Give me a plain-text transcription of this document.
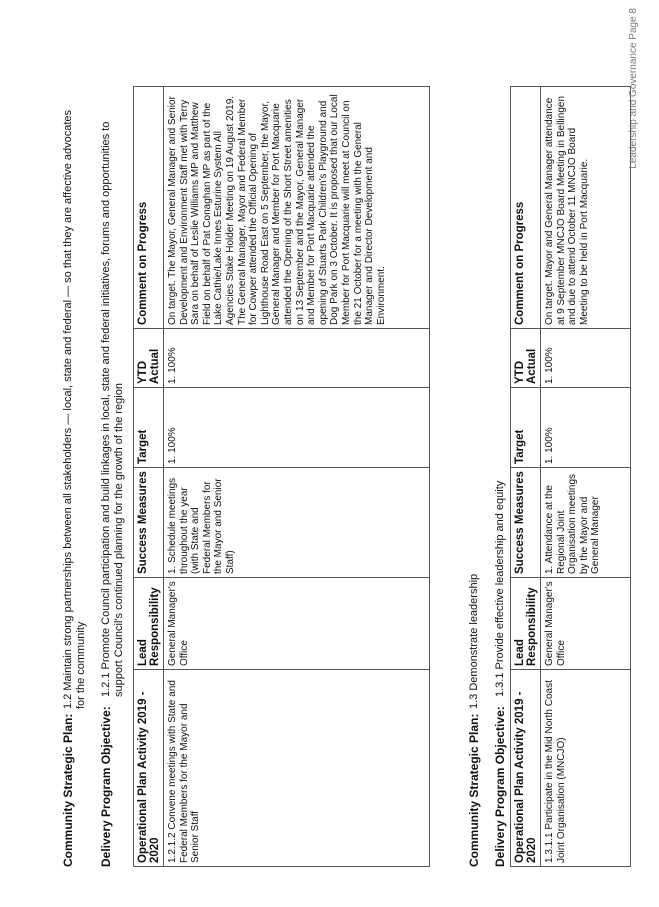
Community Strategic Plan:
1.2 Maintain strong partnerships between all stakeholders — local, state and federal — so that they are affective advocates for the community
Delivery Program Objective:
1.2.1 Promote Council participation and build linkages in local, state and federal initiatives, forums and opportunities to support Council's continued planning for the growth of the region
Operational Plan Activity 2019 - 2020	Lead Responsibility	Success Measures	Target	YTD Actual	Comment on Progress
1.2.1.2 Convene meetings with State and Federal Members for the Mayor and Senior Staff	General Manager's Office	1. Schedule meetings throughout the year (with State and Federal Members for the Mayor and Senior Staff)	1. 100%	1. 100%	On target. The Mayor, General Manager and Senior Development and Environment Staff met with Terry Sara on behalf of Leslie Williams MP and Matthew Field on behalf of Pat Conaghan MP as part of the Lake Cathie/Lake Innes Esturine System All Agencies Stake Holder Meeting on 19 August 2019. The General Manager, Mayor and Federal Member for Cowper attended the Official Opening of Lighthouse Road East on 5 September, the Mayor, General Manager and Member for Port Macquarie attended the Opening of the Short Street amenities on 13 September and the Mayor, General Manager and Member for Port Macquarie attended the opening of Stuarts Park Children's Playground and Dog Park on 3 October. It is proposed that our Local Member for Port Macquarie will meet at Council on the 21 October for a meeting with the General Manager and Director Development and Environment.
Community Strategic Plan:
1.3 Demonstrate leadership
Delivery Program Objective:
1.3.1 Provide effective leadership and equity
Operational Plan Activity 2019 - 2020	Lead Responsibility	Success Measures	Target	YTD Actual	Comment on Progress
1.3.1.1 Participate in the Mid North Coast Joint Organisation (MNCJO)	General Manager's Office	1. Attendance at the Regional Joint Organisation meetings by the Mayor and General Manager	1. 100%	1. 100%	On target. Mayor and General Manager attendance at 9 September MNCJO Board Meeting in Bellingen and due to attend October 11 MNCJO Board Meeting to be held in Port Macquarie.
Leadership and Governance Page 8
